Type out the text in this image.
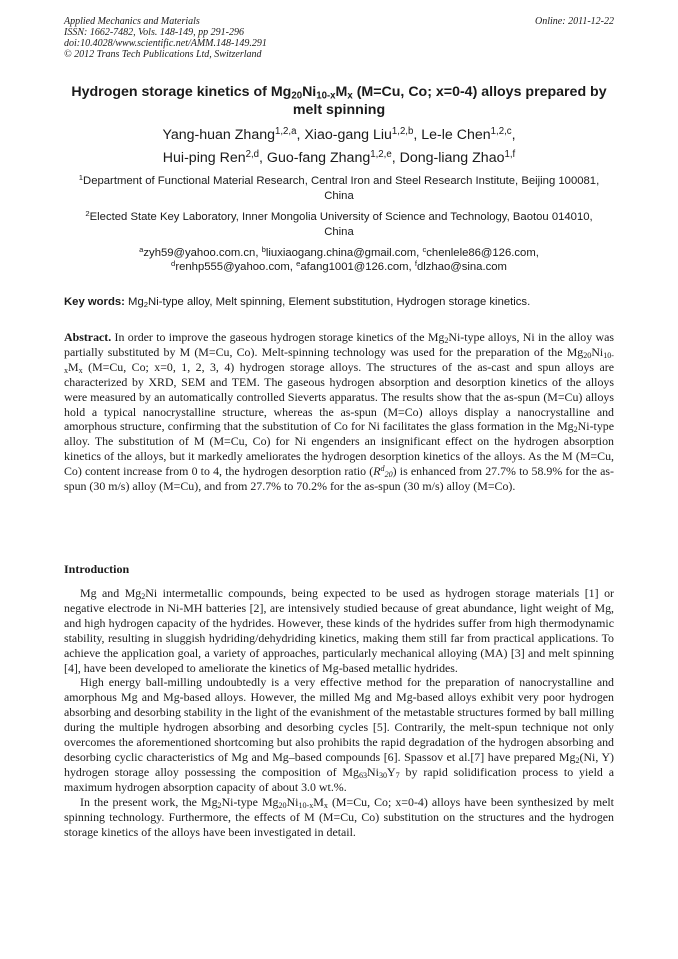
Applied Mechanics and Materials
ISSN: 1662-7482, Vols. 148-149, pp 291-296
doi:10.4028/www.scientific.net/AMM.148-149.291
© 2012 Trans Tech Publications Ltd, Switzerland
Online: 2011-12-22
Hydrogen storage kinetics of $Mg_{20}Ni_{10-x}M_x$ (M=Cu, Co; x=0-4) alloys prepared by melt spinning
Yang-huan Zhang$^{1,2,a}$, Xiao-gang Liu$^{1,2,b}$, Le-le Chen$^{1,2,c}$,
Hui-ping Ren$^{2,d}$, Guo-fang Zhang$^{1,2,e}$, Dong-liang Zhao$^{1,f}$
$^1$Department of Functional Material Research, Central Iron and Steel Research Institute, Beijing 100081, China
$^2$Elected State Key Laboratory, Inner Mongolia University of Science and Technology, Baotou 014010, China
$^a$zyh59@yahoo.com.cn, $^b$liuxiaogang.china@gmail.com, $^c$chenlele86@126.com,
$^d$renhp555@yahoo.com, $^e$afang1001@126.com, $^f$dlzhao@sina.com
Key words: $Mg_2Ni$-type alloy, Melt spinning, Element substitution, Hydrogen storage kinetics.
Abstract. In order to improve the gaseous hydrogen storage kinetics of the $Mg_2Ni$-type alloys, Ni in the alloy was partially substituted by M (M=Cu, Co). Melt-spinning technology was used for the preparation of the $Mg_{20}Ni_{10-x}M_x$ (M=Cu, Co; x=0, 1, 2, 3, 4) hydrogen storage alloys. The structures of the as-cast and spun alloys are characterized by XRD, SEM and TEM. The gaseous hydrogen absorption and desorption kinetics of the alloys were measured by an automatically controlled Sieverts apparatus. The results show that the as-spun (M=Cu) alloys hold a typical nanocrystalline structure, whereas the as-spun (M=Co) alloys display a nanocrystalline and amorphous structure, confirming that the substitution of Co for Ni facilitates the glass formation in the $Mg_2Ni$-type alloy. The substitution of M (M=Cu, Co) for Ni engenders an insignificant effect on the hydrogen absorption kinetics of the alloys, but it markedly ameliorates the hydrogen desorption kinetics of the alloys. As the M (M=Cu, Co) content increase from 0 to 4, the hydrogen desorption ratio $(R^d_{20})$ is enhanced from 27.7% to 58.9% for the as-spun (30 m/s) alloy (M=Cu), and from 27.7% to 70.2% for the as-spun (30 m/s) alloy (M=Co).
Introduction

Mg and $Mg_2Ni$ intermetallic compounds, being expected to be used as hydrogen storage materials [1] or negative electrode in Ni-MH batteries [2], are intensively studied because of great abundance, light weight of Mg, and high hydrogen capacity of the hydrides. However, these kinds of the hydrides suffer from high thermodynamic stability, resulting in sluggish hydriding/dehydriding kinetics, making them still far from practical applications. To achieve the application goal, a variety of approaches, particularly mechanical alloying (MA) [3] and melt spinning [4], have been developed to ameliorate the kinetics of Mg-based metallic hydrides.

High energy ball-milling undoubtedly is a very effective method for the preparation of nanocrystalline and amorphous Mg and Mg-based alloys. However, the milled Mg and Mg-based alloys exhibit very poor hydrogen absorbing and desorbing stability in the light of the evanishment of the metastable structures formed by ball milling during the multiple hydrogen absorbing and desorbing cycles [5]. Contrarily, the melt-spun technique not only overcomes the aforementioned shortcoming but also prohibits the rapid degradation of the hydrogen absorbing and desorbing cyclic characteristics of Mg and Mg–based compounds [6]. Spassov et al.[7] have prepared $Mg_2(Ni$, Y) hydrogen storage alloy possessing the composition of $Mg_{63}Ni_{30}Y_7$ by rapid solidification process to yield a maximum hydrogen absorption capacity of about 3.0 wt.%.

In the present work, the $Mg_2Ni$-type $Mg_{20}Ni_{10-x}M_x$ (M=Cu, Co; x=0-4) alloys have been synthesized by melt spinning technology. Furthermore, the effects of M (M=Cu, Co) substitution on the structures and the hydrogen storage kinetics of the alloys have been investigated in detail.
